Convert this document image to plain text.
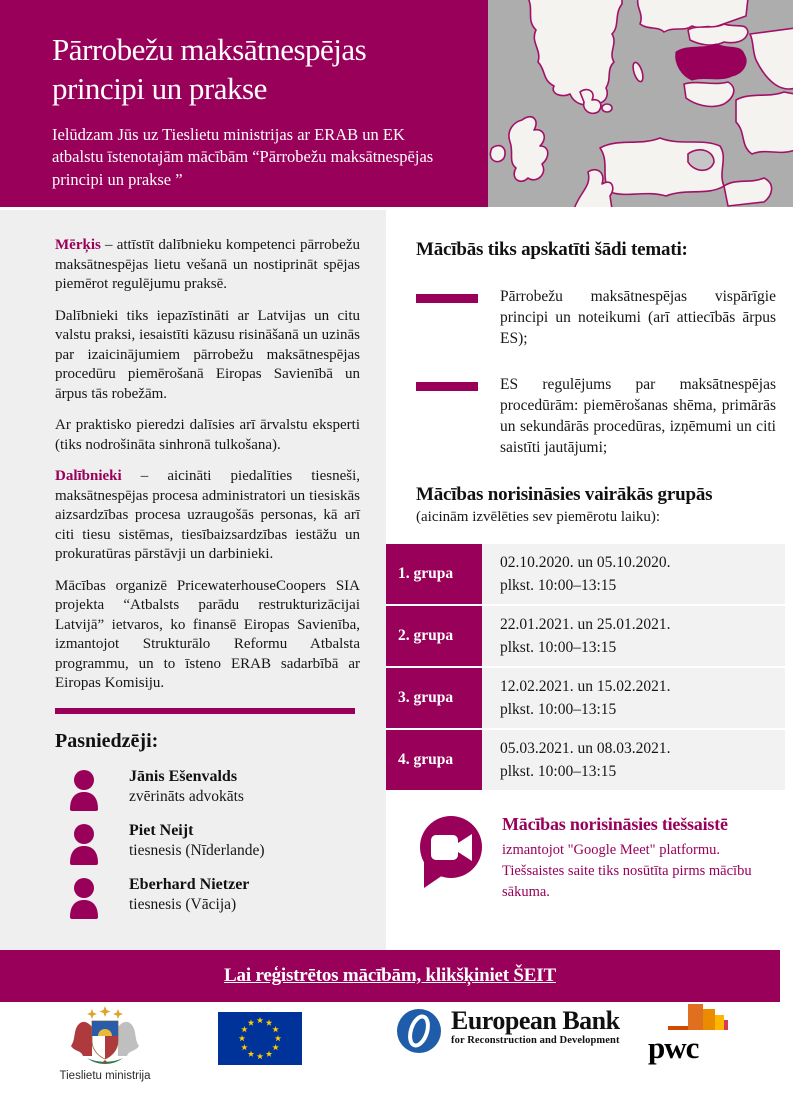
Pārrobežu maksātnespējas principi un prakse
Ielūdzam Jūs uz Tieslietu ministrijas ar ERAB un EK atbalstu īstenotajām mācībām “Pārrobežu maksātnespējas principi un prakse ”

Mērķis – attīstīt dalībnieku kompetenci pārrobežu maksātnespējas lietu vešanā un nostiprināt spējas piemērot regulējumu praksē.

Dalībnieki tiks iepazīstināti ar Latvijas un citu valstu praksi, iesaistīti kāzusu risināšanā un uzinās par izaicinājumiem pārrobežu maksātnespējas procedūru piemērošanā Eiropas Savienībā un ārpus tās robežām.

Ar praktisko pieredzi dalīsies arī ārvalstu eksperti (tiks nodrošināta sinhronā tulkošana).

Dalībnieki – aicināti piedalīties tiesneši, maksātnespējas procesa administratori un tiesiskās aizsardzības procesa uzraugošās personas, kā arī citi tiesu sistēmas, tiesībaizsardzības iestāžu un prokuratūras pārstāvji un darbinieki.

Mācības organizē PricewaterhouseCoopers SIA projekta “Atbalsts parādu restrukturizācijai Latvijā” ietvaros, ko finansē Eiropas Savienība, izmantojot Strukturālo Reformu Atbalsta programmu, un to īsteno ERAB sadarbībā ar Eiropas Komisiju.

Pasniedzēji:
Jānis Ešenvalds
zvērināts advokāts
Piet Neijt
tiesnesis (Nīderlande)
Eberhard Nietzer
tiesnesis (Vācija)
Mācībās tiks apskatīti šādi temati:
Pārrobežu maksātnespējas vispārīgie principi un noteikumi (arī attiecībās ārpus ES);
ES regulējums par maksātnespējas procedūrām: piemērošanas shēma, primārās un sekundārās procedūras, izņēmumi un citi saistīti jautājumi;
Mācības norisināsies vairākās grupās
(aicinām izvēlēties sev piemērotu laiku):
1. grupa
02.10.2020. un 05.10.2020.
plkst. 10:00–13:15
2. grupa
22.01.2021. un 25.01.2021.
plkst. 10:00–13:15
3. grupa
12.02.2021. un 15.02.2021.
plkst. 10:00–13:15
4. grupa
05.03.2021. un 08.03.2021.
plkst. 10:00–13:15
Mācības norisināsies tiešsaistē
izmantojot "Google Meet" platformu. Tiešsaistes saite tiks nosūtīta pirms mācību sākuma.
Lai reģistrētos mācībām, klikšķiniet ŠEIT
Tieslietu ministrija
European Bank
for Reconstruction and Development pwc
